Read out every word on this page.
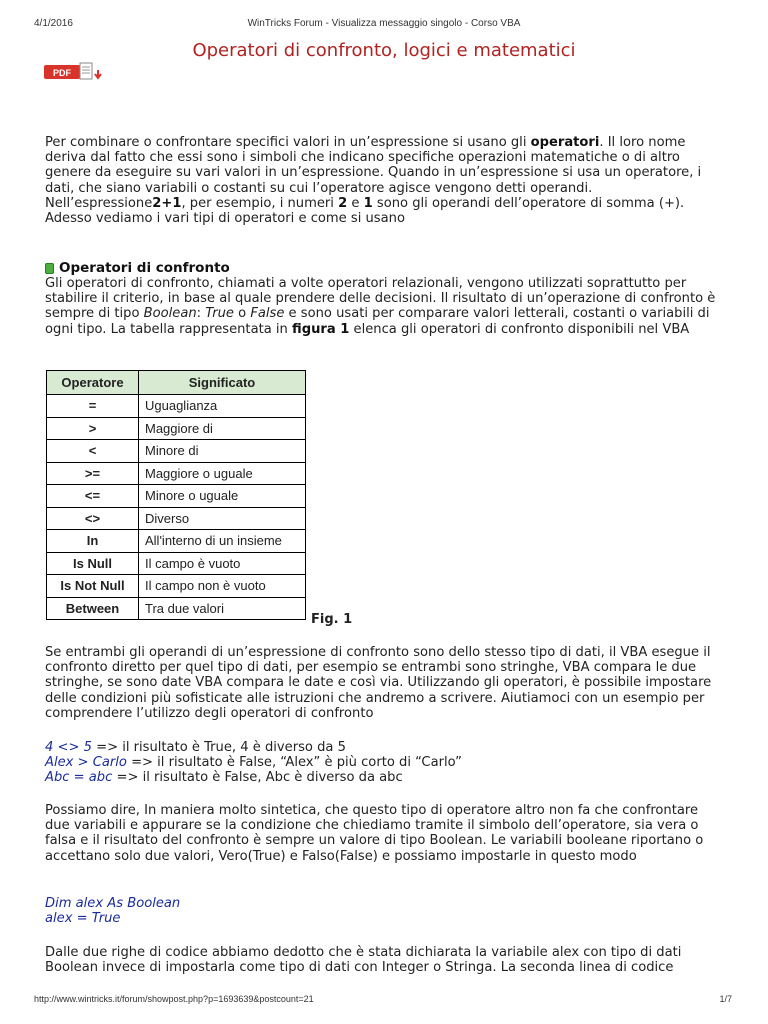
4/1/2016	WinTricks Forum - Visualizza messaggio singolo - Corso VBA
Operatori di confronto, logici e matematici
PDF

Per combinare o confrontare specifici valori in un’espressione si usano gli operatori. Il loro nome deriva dal fatto che essi sono i simboli che indicano specifiche operazioni matematiche o di altro genere da eseguire su vari valori in un’espressione. Quando in un’espressione si usa un operatore, i dati, che siano variabili o costanti su cui l’operatore agisce vengono detti operandi. Nell’espressione2+1, per esempio, i numeri 2 e 1 sono gli operandi dell’operatore di somma (+). Adesso vediamo i vari tipi di operatori e come si usano

Operatori di confronto

Gli operatori di confronto, chiamati a volte operatori relazionali, vengono utilizzati soprattutto per stabilire il criterio, in base al quale prendere delle decisioni. Il risultato di un’operazione di confronto è sempre di tipo Boolean: True o False e sono usati per comparare valori letterali, costanti o variabili di ogni tipo. La tabella rappresentata in figura 1 elenca gli operatori di confronto disponibili nel VBA

Operatore	Significato
=	Uguaglianza
>	Maggiore di
<	Minore di
>=	Maggiore o uguale
<=	Minore o uguale
<>	Diverso
In	All'interno di un insieme
Is Null	Il campo è vuoto
Is Not Null	Il campo non è vuoto
Between	Tra due valori
Fig. 1

Se entrambi gli operandi di un’espressione di confronto sono dello stesso tipo di dati, il VBA esegue il confronto diretto per quel tipo di dati, per esempio se entrambi sono stringhe, VBA compara le due stringhe, se sono date VBA compara le date e così via. Utilizzando gli operatori, è possibile impostare delle condizioni più sofisticate alle istruzioni che andremo a scrivere. Aiutiamoci con un esempio per comprendere l’utilizzo degli operatori di confronto

4 <> 5 => il risultato è True, 4 è diverso da 5
Alex > Carlo => il risultato è False, “Alex” è più corto di “Carlo”
Abc = abc => il risultato è False, Abc è diverso da abc

Possiamo dire, In maniera molto sintetica, che questo tipo di operatore altro non fa che confrontare due variabili e appurare se la condizione che chiediamo tramite il simbolo dell’operatore, sia vera o falsa e il risultato del confronto è sempre un valore di tipo Boolean. Le variabili booleane riportano o accettano solo due valori, Vero(True) e Falso(False) e possiamo impostarle in questo modo

Dim alex As Boolean
alex = True

Dalle due righe di codice abbiamo dedotto che è stata dichiarata la variabile alex con tipo di dati Boolean invece di impostarla come tipo di dati con Integer o Stringa. La seconda linea di codice

http://www.wintricks.it/forum/showpost.php?p=1693639&postcount=21	1/7
